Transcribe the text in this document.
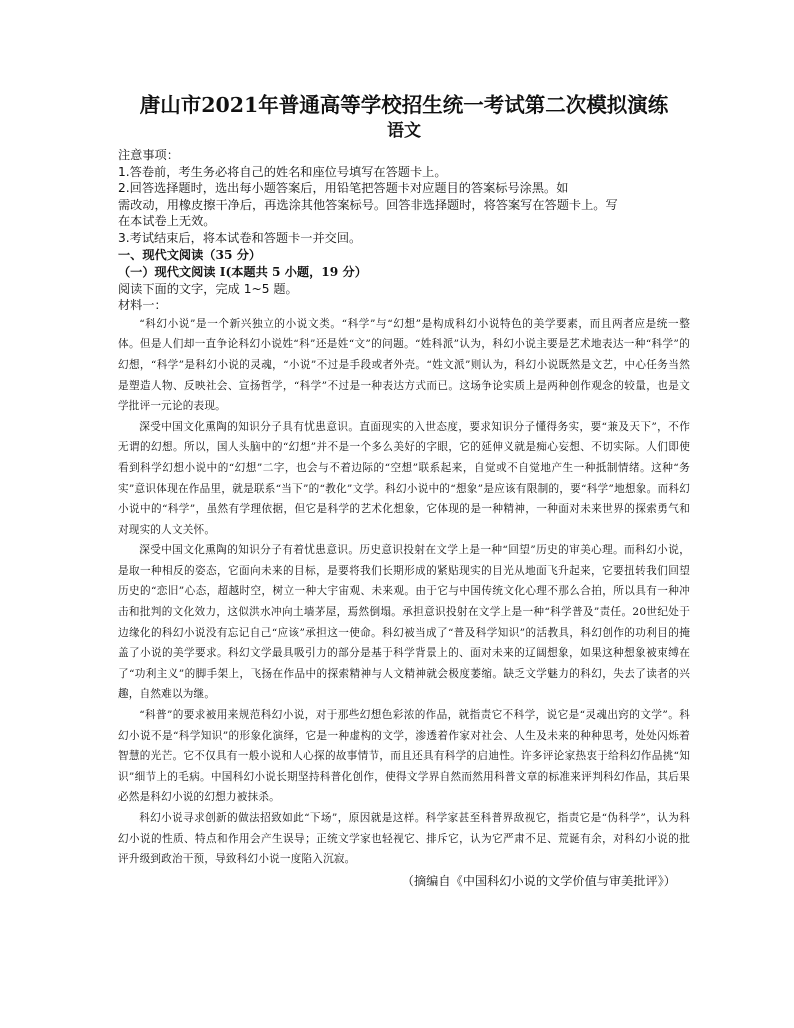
唐山市2021年普通高等学校招生统一考试第二次模拟演练
语文
注意事项：
1.答卷前，考生务必将自己的姓名和座位号填写在答题卡上。
2.回答选择题时，选出每小题答案后，用铅笔把答题卡对应题目的答案标号涂黑。如
需改动，用橡皮擦干净后，再选涂其他答案标号。回答非选择题时，将答案写在答题卡上。写
在本试卷上无效。
3.考试结束后，将本试卷和答题卡一并交回。
一、现代文阅读（35 分）
（一）现代文阅读 I(本题共 5 小题，19 分）
阅读下面的文字，完成 1~5 题。
材料一：

“科幻小说”是一个新兴独立的小说文类。“科学”与“幻想”是构成科幻小说特色的美学要素，而且两者应是统一整体。但是人们却一直争论科幻小说姓“科”还是姓“文”的问题。“姓科派”认为，科幻小说主要是艺术地表达一种“科学”的幻想，“科学”是科幻小说的灵魂，“小说”不过是手段或者外壳。“姓文派”则认为，科幻小说既然是文艺，中心任务当然是塑造人物、反映社会、宣扬哲学，“科学”不过是一种表达方式而已。这场争论实质上是两种创作观念的较量，也是文学批评一元论的表现。

深受中国文化熏陶的知识分子具有忧患意识。直面现实的入世态度，要求知识分子懂得务实，要“兼及天下”，不作无谓的幻想。所以，国人头脑中的“幻想”并不是一个多么美好的字眼，它的延伸义就是痴心妄想、不切实际。人们即使看到科学幻想小说中的“幻想”二字，也会与不着边际的“空想”联系起来，自觉或不自觉地产生一种抵制情绪。这种“务实”意识体现在作品里，就是联系“当下”的“教化”文学。科幻小说中的“想象”是应该有限制的，要“科学”地想象。而科幻小说中的“科学”，虽然有学理依据，但它是科学的艺术化想象，它体现的是一种精神，一种面对未来世界的探索勇气和对现实的人文关怀。

深受中国文化熏陶的知识分子有着忧患意识。历史意识投射在文学上是一种“回望”历史的审美心理。而科幻小说，是取一种相反的姿态，它面向未来的目标，是要将我们长期形成的紧贴现实的目光从地面飞升起来，它要扭转我们回望历史的“恋旧”心态，超越时空，树立一种大宇宙观、未来观。由于它与中国传统文化心理不那么合拍，所以具有一种冲击和批判的文化效力，这似洪水冲向土墙茅屋，焉然倒塌。承担意识投射在文学上是一种“科学普及”责任。20世纪处于边缘化的科幻小说没有忘记自己“应该”承担这一使命。科幻被当成了“普及科学知识”的活教具，科幻创作的功利目的掩盖了小说的美学要求。科幻文学最具吸引力的部分是基于科学背景上的、面对未来的辽阔想象，如果这种想象被束缚在了“功利主义”的脚手架上，飞扬在作品中的探索精神与人文精神就会极度萎缩。缺乏文学魅力的科幻，失去了读者的兴趣，自然难以为继。

“科普”的要求被用来规范科幻小说，对于那些幻想色彩浓的作品，就指责它不科学，说它是“灵魂出窍的文学”。科幻小说不是“科学知识”的形象化演绎，它是一种虚构的文学，渗透着作家对社会、人生及未来的种种思考，处处闪烁着智慧的光芒。它不仅具有一般小说和人心探的故事情节，而且还具有科学的启迪性。许多评论家热衷于给科幻作品挑“知识”细节上的毛病。中国科幻小说长期坚持科普化创作，使得文学界自然而然用科普文章的标准来评判科幻作品，其后果必然是科幻小说的幻想力被抹杀。

科幻小说寻求创新的做法招致如此“下场”，原因就是这样。科学家甚至科普界敌视它，指责它是“伪科学”，认为科幻小说的性质、特点和作用会产生误导；正统文学家也轻视它、排斥它，认为它严肃不足、荒诞有余，对科幻小说的批评升级到政治干预，导致科幻小说一度陷入沉寂。

（摘编自《中国科幻小说的文学价值与审美批评》）
